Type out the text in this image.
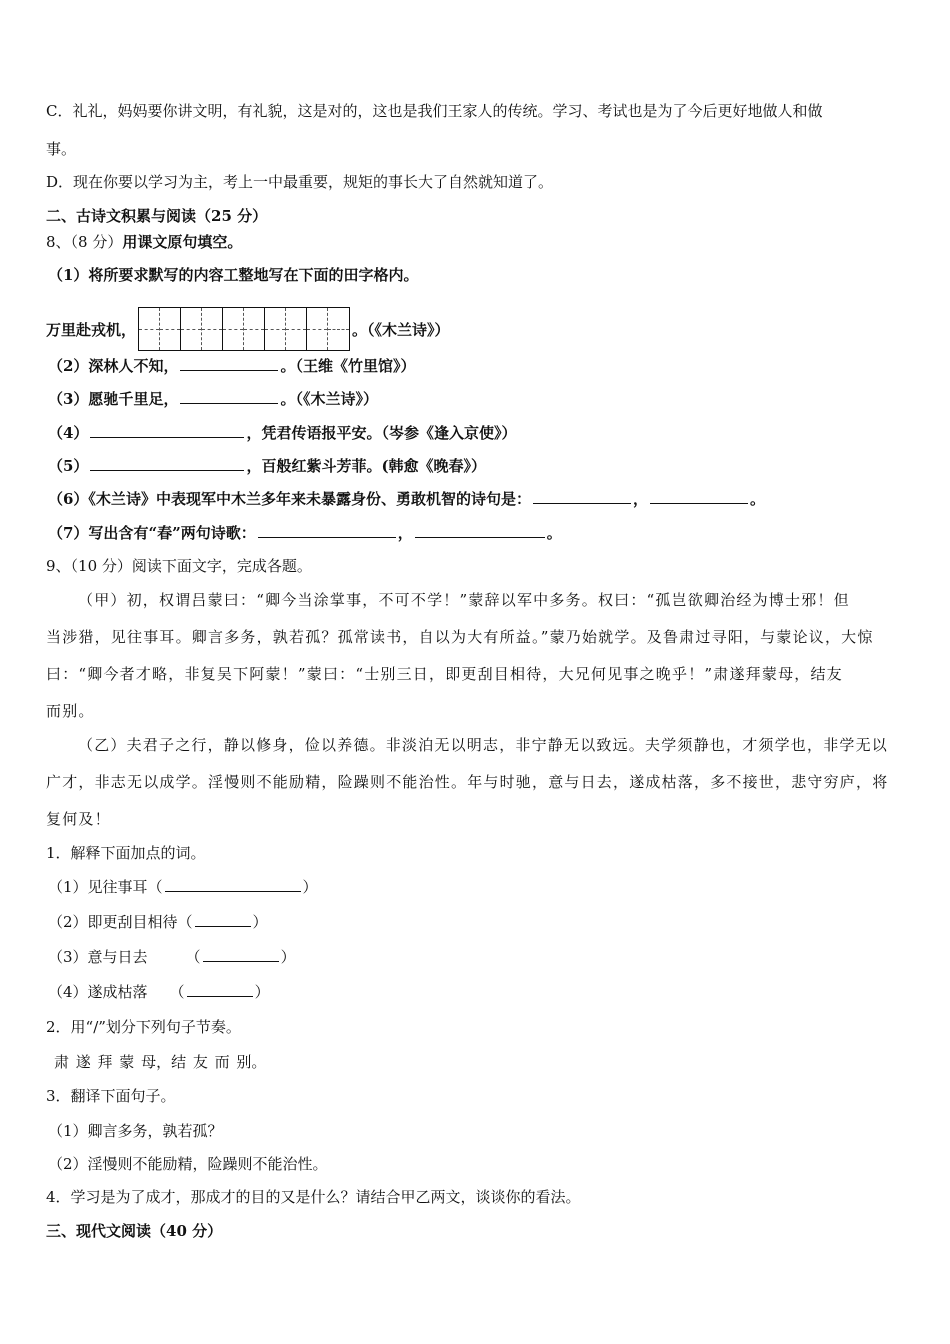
C．礼礼，妈妈要你讲文明，有礼貌，这是对的，这也是我们王家人的传统。学习、考试也是为了今后更好地做人和做
事。
D．现在你要以学习为主，考上一中最重要，规矩的事长大了自然就知道了。
二、古诗文积累与阅读（25 分）
8、（8 分）用课文原句填空。
（1）将所要求默写的内容工整地写在下面的田字格内。
万里赴戎机，	。（《木兰诗》）
（2）深林人不知，	。（王维《竹里馆》）
（3）愿驰千里足，	。（《木兰诗》）
（4）	，凭君传语报平安。（岑参《逢入京使》）
（5）	，百般红紫斗芳菲。(韩愈《晚春》）
（6）《木兰诗》中表现军中木兰多年来未暴露身份、勇敢机智的诗句是：	，	。
（7）写出含有“春”两句诗歌：	，	。
9、（10 分）阅读下面文字，完成各题。
（甲）初，权谓吕蒙曰：“卿今当涂掌事，不可不学！”蒙辞以军中多务。权曰：“孤岂欲卿治经为博士邪！但
当涉猎，见往事耳。卿言多务，孰若孤？孤常读书，自以为大有所益。”蒙乃始就学。及鲁肃过寻阳，与蒙论议，大惊
曰：“卿今者才略，非复吴下阿蒙！”蒙曰：“士别三日，即更刮目相待，大兄何见事之晚乎！”肃遂拜蒙母，结友
而别。
（乙）夫君子之行，静以修身，俭以养德。非淡泊无以明志，非宁静无以致远。夫学须静也，才须学也，非学无以
广才，非志无以成学。淫慢则不能励精，险躁则不能治性。年与时驰，意与日去，遂成枯落，多不接世，悲守穷庐，将
复何及！
1．解释下面加点的词。
（1）见往事耳（	）
（2）即更刮目相待（	）
（3）意与日去	（	）
（4）遂成枯落 （	）
2．用“/”划分下列句子节奏。
肃 遂 拜 蒙 母，结 友 而 别。
3．翻译下面句子。
（1）卿言多务，孰若孤？
（2）淫慢则不能励精，险躁则不能治性。
4．学习是为了成才，那成才的目的又是什么？请结合甲乙两文，谈谈你的看法。
三、现代文阅读（40 分）
